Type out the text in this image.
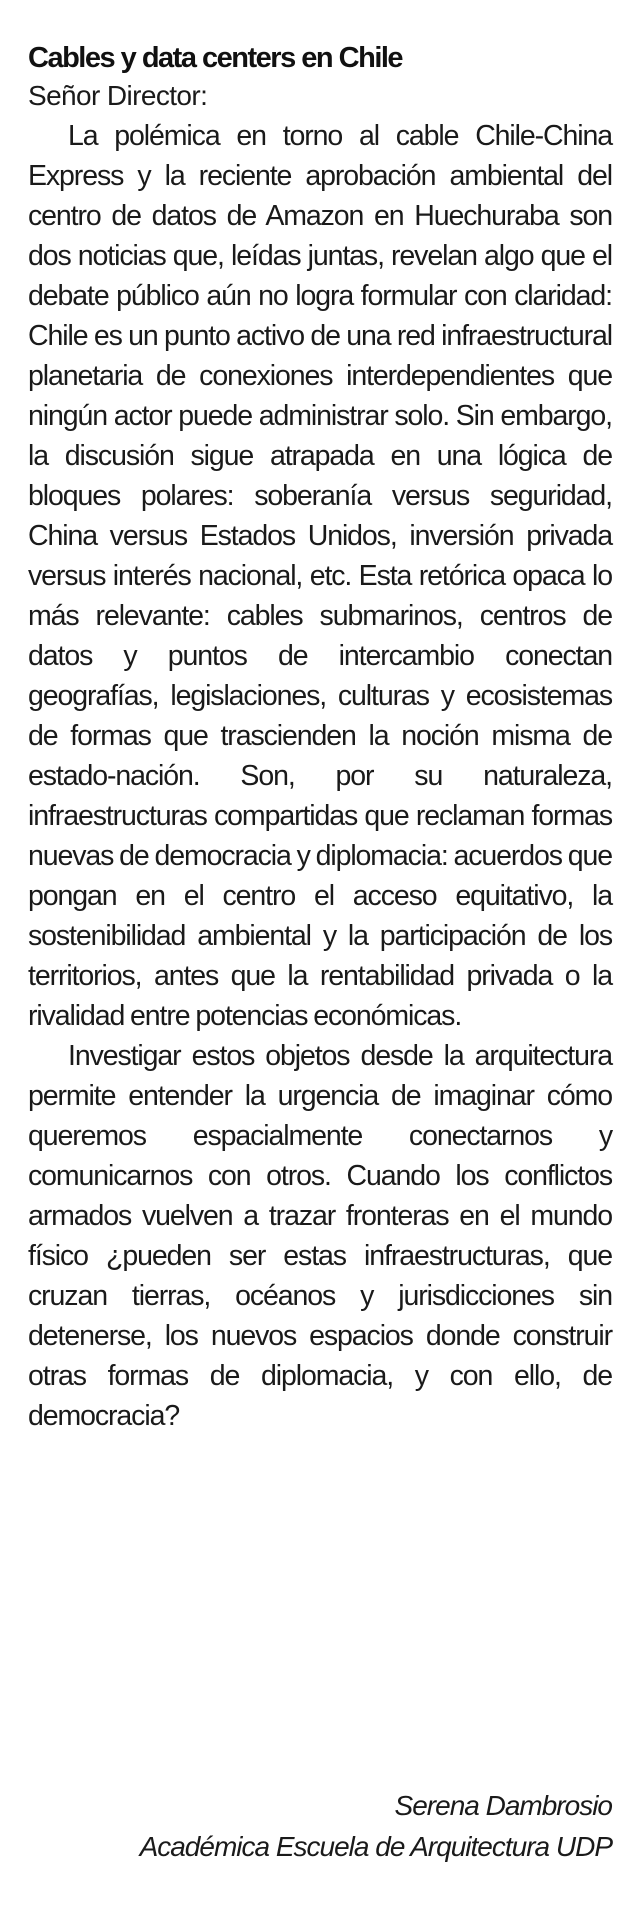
Cables y data centers en Chile

Señor Director:

La polémica en torno al cable Chile-China Express y la reciente aprobación ambiental del centro de datos de Amazon en Huechuraba son dos noticias que, leídas juntas, revelan algo que el debate público aún no logra formular con claridad: Chile es un punto activo de una red infraestructural planetaria de conexiones interdependientes que ningún actor puede administrar solo. Sin embargo, la discusión sigue atrapada en una lógica de bloques polares: soberanía versus seguridad, China versus Estados Unidos, inversión privada versus interés nacional, etc. Esta retórica opaca lo más relevante: cables submarinos, centros de datos y puntos de intercambio conectan geografías, legislaciones, culturas y ecosistemas de formas que trascienden la noción misma de estado-nación. Son, por su naturaleza, infraestructuras compartidas que reclaman formas nuevas de democracia y diplomacia: acuerdos que pongan en el centro el acceso equitativo, la sostenibilidad ambiental y la participación de los territorios, antes que la rentabilidad privada o la rivalidad entre potencias económicas.

Investigar estos objetos desde la arquitectura permite entender la urgencia de imaginar cómo queremos espacialmente conectarnos y comunicarnos con otros. Cuando los conflictos armados vuelven a trazar fronteras en el mundo físico ¿pueden ser estas infraestructuras, que cruzan tierras, océanos y jurisdicciones sin detenerse, los nuevos espacios donde construir otras formas de diplomacia, y con ello, de democracia?

Serena Dambrosio
Académica Escuela de Arquitectura UDP
